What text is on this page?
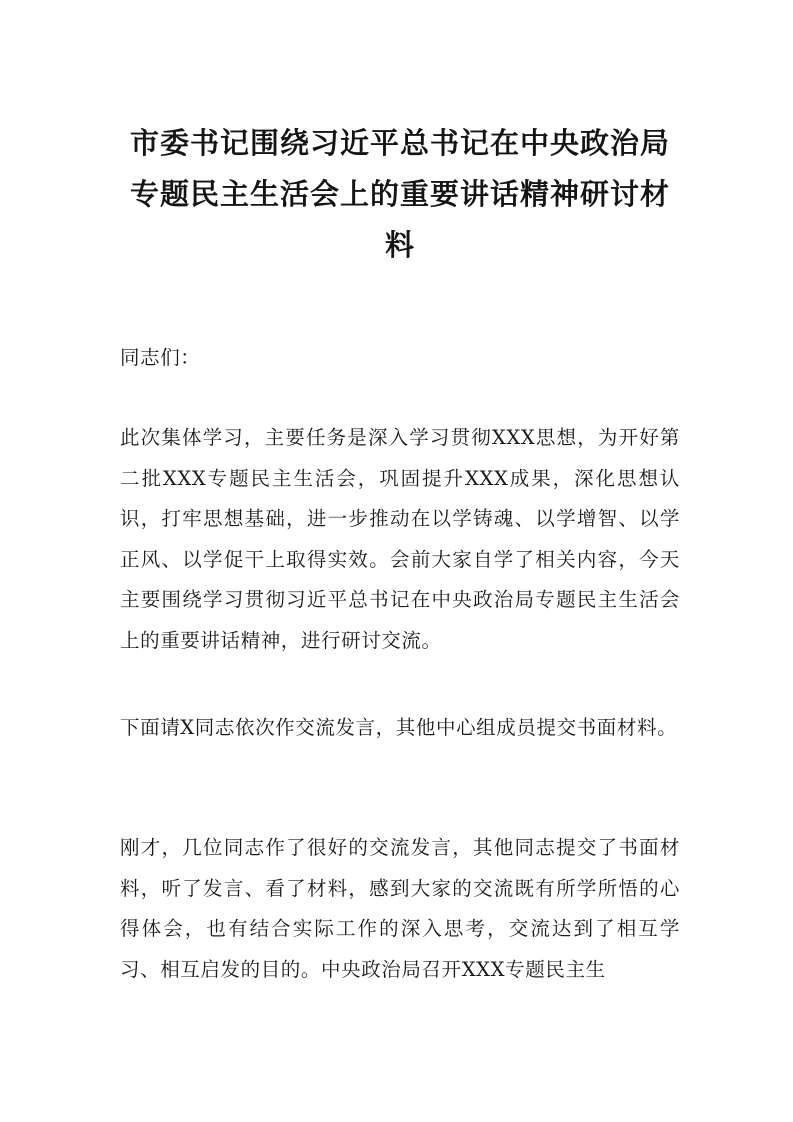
市委书记围绕习近平总书记在中央政治局
专题民主生活会上的重要讲话精神研讨材
料
同志们：
此次集体学习，主要任务是深入学习贯彻XXX思想，为开好第二批XXX专题民主生活会，巩固提升XXX成果，深化思想认识，打牢思想基础，进一步推动在以学铸魂、以学增智、以学正风、以学促干上取得实效。会前大家自学了相关内容，今天主要围绕学习贯彻习近平总书记在中央政治局专题民主生活会上的重要讲话精神，进行研讨交流。
下面请X同志依次作交流发言，其他中心组成员提交书面材料。
刚才，几位同志作了很好的交流发言，其他同志提交了书面材料，听了发言、看了材料，感到大家的交流既有所学所悟的心得体会，也有结合实际工作的深入思考，交流达到了相互学习、相互启发的目的。中央政治局召开XXX专题民主生
